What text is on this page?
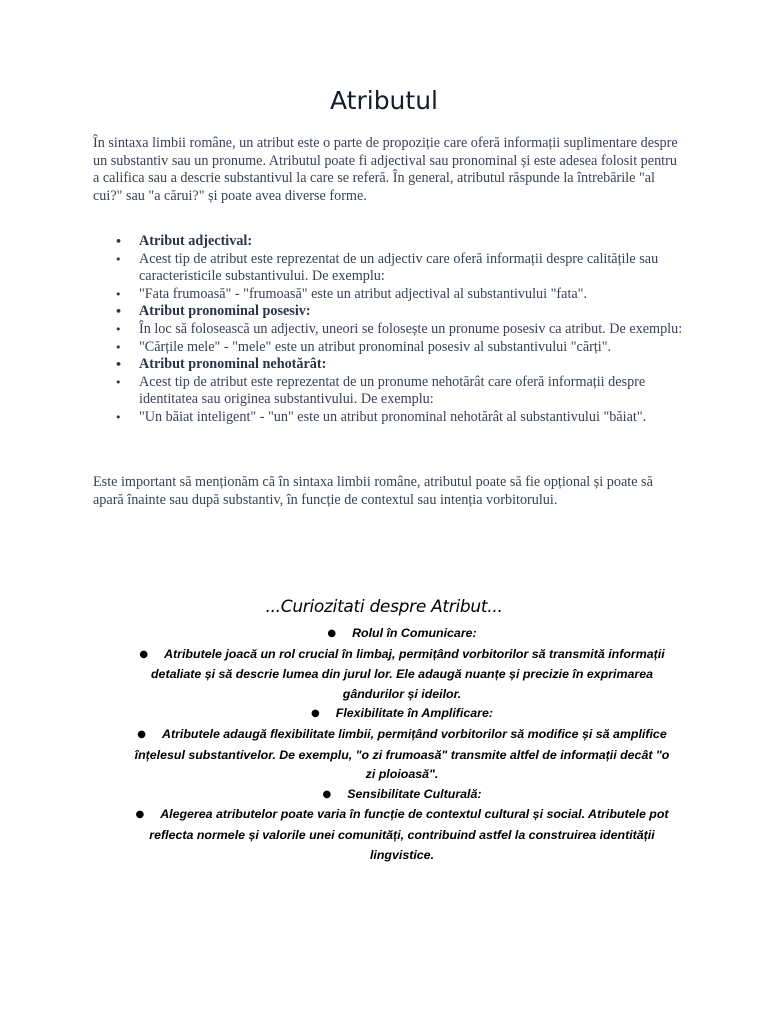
Atributul

În sintaxa limbii române, un atribut este o parte de propoziție care oferă informații suplimentare despre un substantiv sau un pronume. Atributul poate fi adjectival sau pronominal și este adesea folosit pentru a califica sau a descrie substantivul la care se referă. În general, atributul răspunde la întrebările "al cui?" sau "a cărui?" și poate avea diverse forme.

• Atribut adjectival:
• Acest tip de atribut este reprezentat de un adjectiv care oferă informații despre calitățile sau caracteristicile substantivului. De exemplu:
• "Fata frumoasă" - "frumoasă" este un atribut adjectival al substantivului "fata".
• Atribut pronominal posesiv:
• În loc să folosească un adjectiv, uneori se folosește un pronume posesiv ca atribut. De exemplu:
• "Cărțile mele" - "mele" este un atribut pronominal posesiv al substantivului "cărți".
• Atribut pronominal nehotărât:
• Acest tip de atribut este reprezentat de un pronume nehotărât care oferă informații despre identitatea sau originea substantivului. De exemplu:
• "Un băiat inteligent" - "un" este un atribut pronominal nehotărât al substantivului "băiat".

Este important să menționăm că în sintaxa limbii române, atributul poate să fie opțional și poate să apară înainte sau după substantiv, în funcție de contextul sau intenția vorbitorului.

...Curiozitati despre Atribut...
● Rolul în Comunicare:
● Atributele joacă un rol crucial în limbaj, permițând vorbitorilor să transmită informații detaliate și să descrie lumea din jurul lor. Ele adaugă nuanțe și precizie în exprimarea gândurilor și ideilor.
● Flexibilitate în Amplificare:
● Atributele adaugă flexibilitate limbii, permițând vorbitorilor să modifice și să amplifice înțelesul substantivelor. De exemplu, "o zi frumoasă" transmite altfel de informații decât "o zi ploioasă".
● Sensibilitate Culturală:
● Alegerea atributelor poate varia în funcție de contextul cultural și social. Atributele pot reflecta normele și valorile unei comunități, contribuind astfel la construirea identității lingvistice.
